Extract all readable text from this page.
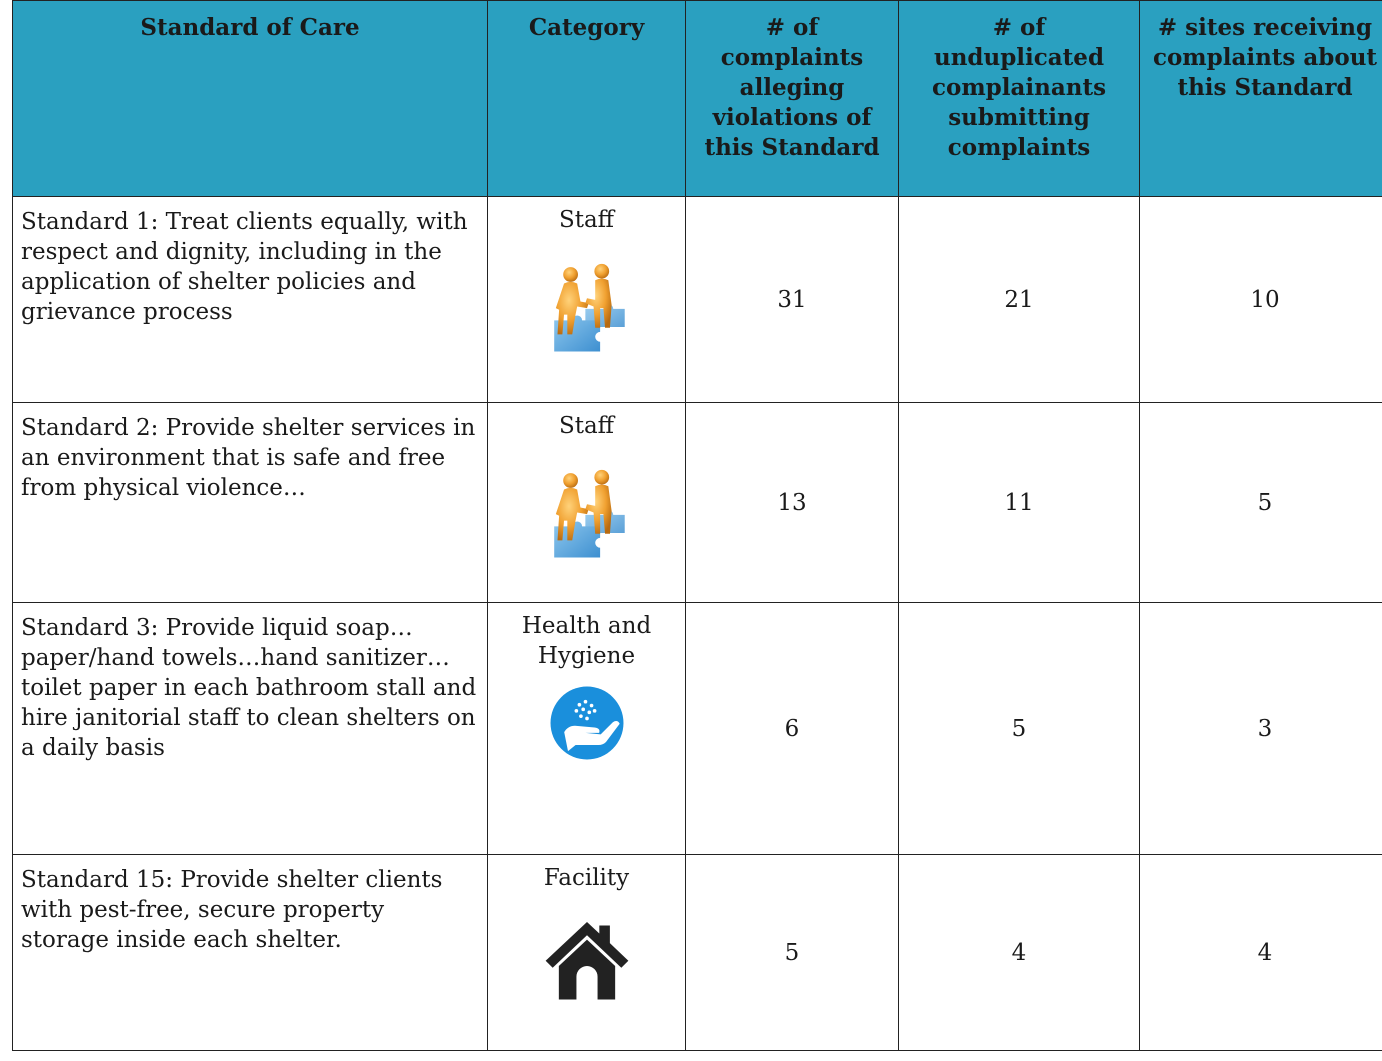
Standard of Care	Category	# of complaints alleging violations of this Standard	# of unduplicated complainants submitting complaints	# sites receiving complaints about this Standard
Standard 1: Treat clients equally, with respect and dignity, including in the application of shelter policies and grievance process	Staff	31	21	10
Standard 2: Provide shelter services in an environment that is safe and free from physical violence…	Staff	13	11	5
Standard 3: Provide liquid soap…paper/hand towels…hand sanitizer…toilet paper in each bathroom stall and hire janitorial staff to clean shelters on a daily basis	Health and Hygiene	6	5	3
Standard 15: Provide shelter clients with pest-free, secure property storage inside each shelter.	Facility	5	4	4
